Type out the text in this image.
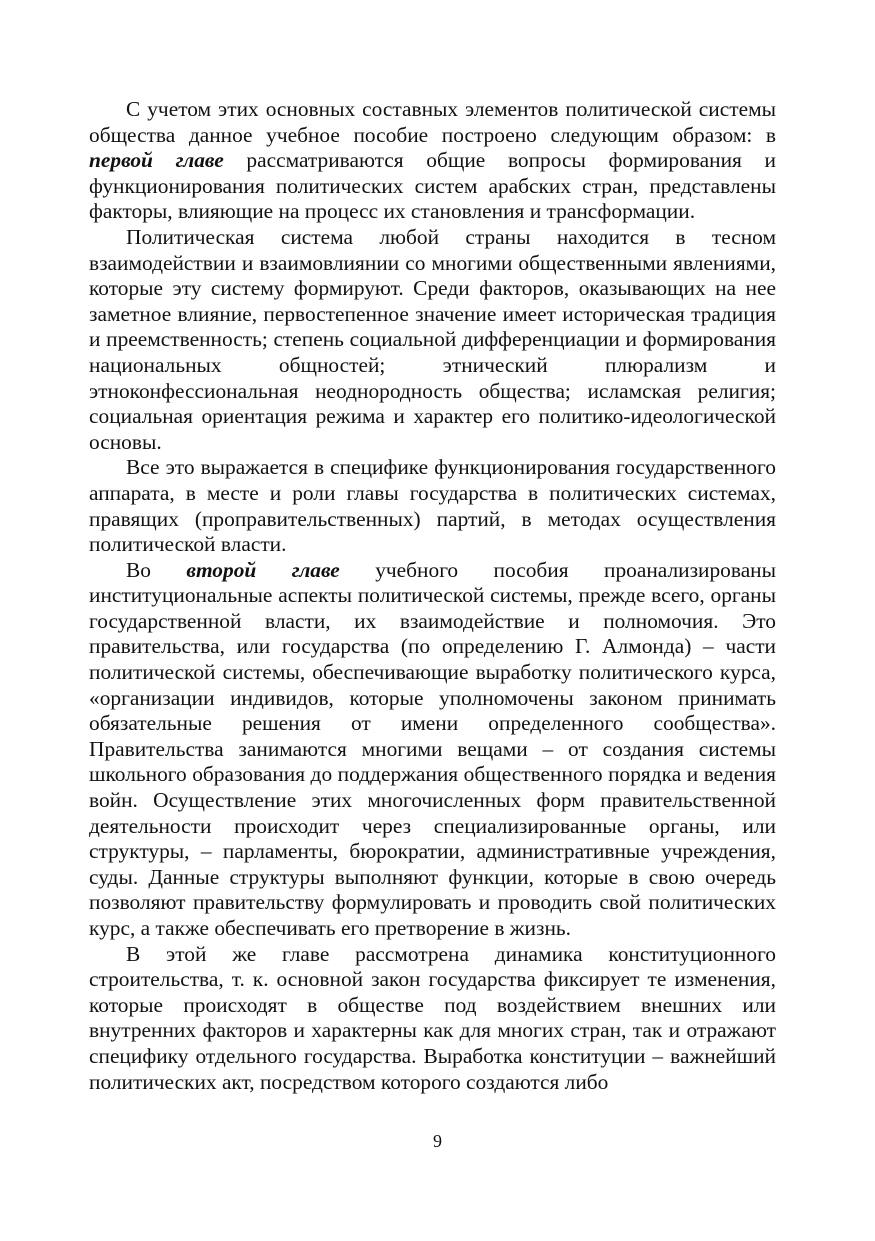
С учетом этих основных составных элементов политической системы общества данное учебное пособие построено следующим образом: в первой главе рассматриваются общие вопросы формирования и функционирования политических систем арабских стран, представлены факторы, влияющие на процесс их становления и трансформации.

Политическая система любой страны находится в тесном взаимодействии и взаимовлиянии со многими общественными явлениями, которые эту систему формируют. Среди факторов, оказывающих на нее заметное влияние, первостепенное значение имеет историческая традиция и преемственность; степень социальной дифференциации и формирования национальных общностей; этнический плюрализм и этноконфессиональная неоднородность общества; исламская религия; социальная ориентация режима и характер его политико-идеологической основы.

Все это выражается в специфике функционирования государственного аппарата, в месте и роли главы государства в политических системах, правящих (проправительственных) партий, в методах осуществления политической власти.

Во второй главе учебного пособия проанализированы институциональные аспекты политической системы, прежде всего, органы государственной власти, их взаимодействие и полномочия. Это правительства, или государства (по определению Г. Алмонда) – части политической системы, обеспечивающие выработку политического курса, «организации индивидов, которые уполномочены законом принимать обязательные решения от имени определенного сообщества». Правительства занимаются многими вещами – от создания системы школьного образования до поддержания общественного порядка и ведения войн. Осуществление этих многочисленных форм правительственной деятельности происходит через специализированные органы, или структуры, – парламенты, бюрократии, административные учреждения, суды. Данные структуры выполняют функции, которые в свою очередь позволяют правительству формулировать и проводить свой политических курс, а также обеспечивать его претворение в жизнь.

В этой же главе рассмотрена динамика конституционного строительства, т. к. основной закон государства фиксирует те изменения, которые происходят в обществе под воздействием внешних или внутренних факторов и характерны как для многих стран, так и отражают специфику отдельного государства. Выработка конституции – важнейший политических акт, посредством которого создаются либо

9
